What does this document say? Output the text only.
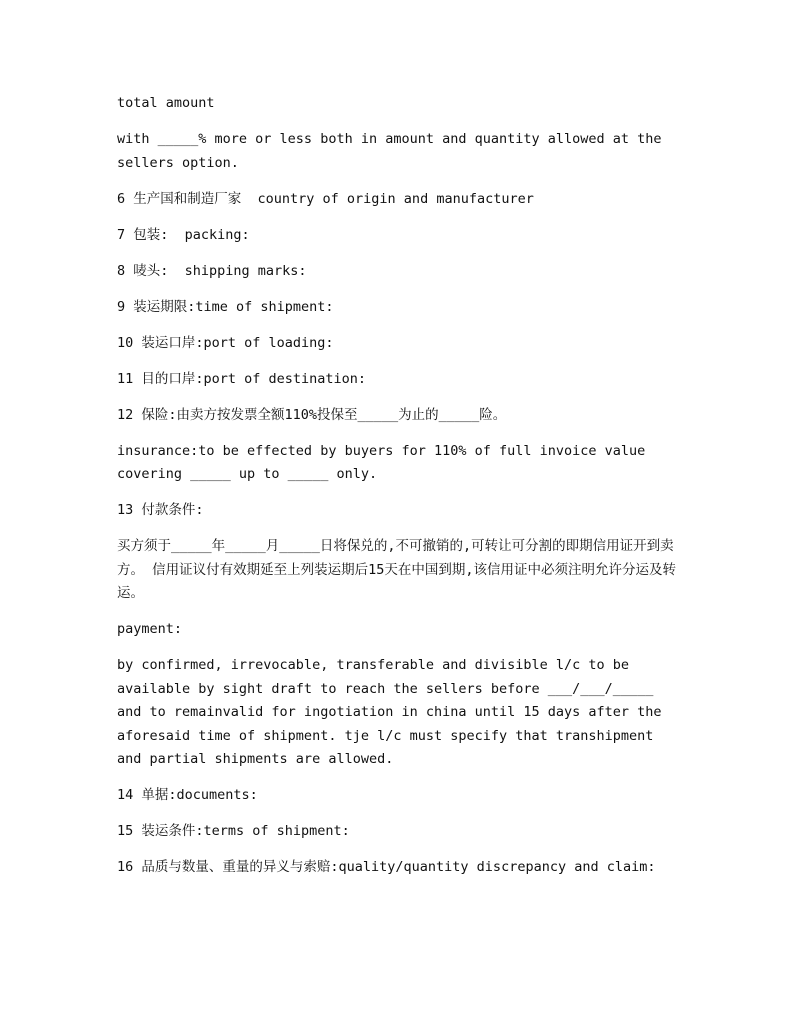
total amount

with _____% more or less both in amount and quantity allowed at the sellers option.

6 生产国和制造厂家  country of origin and manufacturer

7 包装:  packing:

8 唛头:  shipping marks:

9 装运期限:time of shipment:

10 装运口岸:port of loading:

11 目的口岸:port of destination:

12 保险:由卖方按发票全额110%投保至_____为止的_____险。

insurance:to be effected by buyers for 110% of full invoice value covering _____ up to _____ only.

13 付款条件:

买方须于_____年_____月_____日将保兑的,不可撤销的,可转让可分割的即期信用证开到卖方。 信用证议付有效期延至上列装运期后15天在中国到期,该信用证中必须注明允许分运及转运。

payment:

by confirmed, irrevocable, transferable and divisible l/c to be available by sight draft to reach the sellers before ___/___/_____ and to remainvalid for ingotiation in china until 15 days after the aforesaid time of shipment. tje l/c must specify that transhipment and partial shipments are allowed.

14 单据:documents:

15 装运条件:terms of shipment:

16 品质与数量、重量的异义与索赔:quality/quantity discrepancy and claim:
